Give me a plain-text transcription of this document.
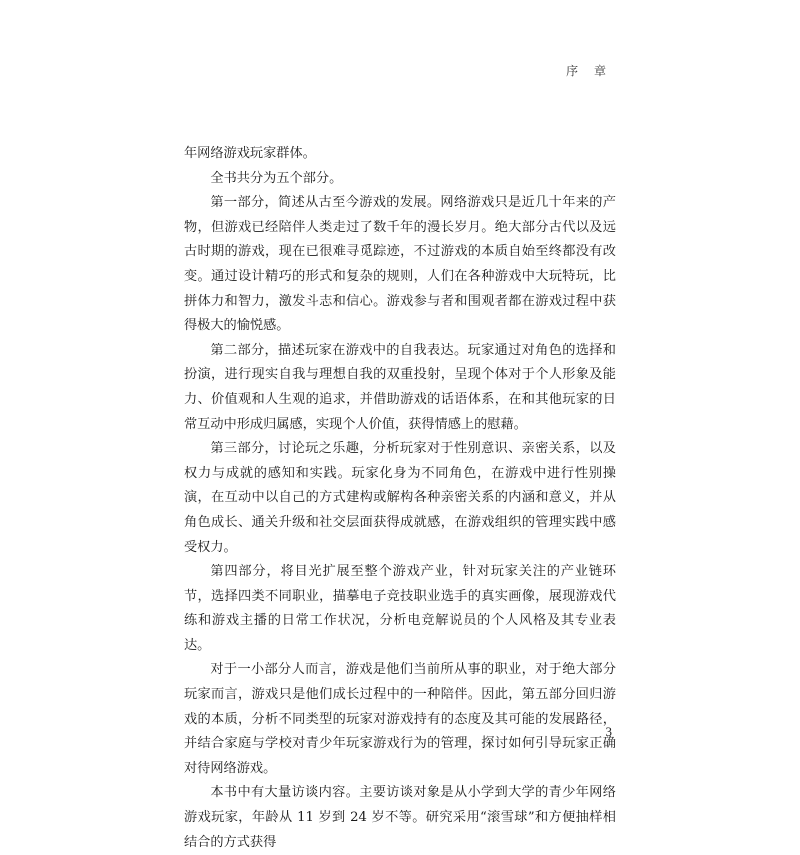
序 章

年网络游戏玩家群体。

全书共分为五个部分。

第一部分，简述从古至今游戏的发展。网络游戏只是近几十年来的产物，但游戏已经陪伴人类走过了数千年的漫长岁月。绝大部分古代以及远古时期的游戏，现在已很难寻觅踪迹，不过游戏的本质自始至终都没有改变。通过设计精巧的形式和复杂的规则，人们在各种游戏中大玩特玩，比拼体力和智力，激发斗志和信心。游戏参与者和围观者都在游戏过程中获得极大的愉悦感。

第二部分，描述玩家在游戏中的自我表达。玩家通过对角色的选择和扮演，进行现实自我与理想自我的双重投射，呈现个体对于个人形象及能力、价值观和人生观的追求，并借助游戏的话语体系，在和其他玩家的日常互动中形成归属感，实现个人价值，获得情感上的慰藉。

第三部分，讨论玩之乐趣，分析玩家对于性别意识、亲密关系，以及权力与成就的感知和实践。玩家化身为不同角色，在游戏中进行性别操演，在互动中以自己的方式建构或解构各种亲密关系的内涵和意义，并从角色成长、通关升级和社交层面获得成就感，在游戏组织的管理实践中感受权力。

第四部分，将目光扩展至整个游戏产业，针对玩家关注的产业链环节，选择四类不同职业，描摹电子竞技职业选手的真实画像，展现游戏代练和游戏主播的日常工作状况，分析电竞解说员的个人风格及其专业表达。

对于一小部分人而言，游戏是他们当前所从事的职业，对于绝大部分玩家而言，游戏只是他们成长过程中的一种陪伴。因此，第五部分回归游戏的本质，分析不同类型的玩家对游戏持有的态度及其可能的发展路径，并结合家庭与学校对青少年玩家游戏行为的管理，探讨如何引导玩家正确对待网络游戏。

本书中有大量访谈内容。主要访谈对象是从小学到大学的青少年网络游戏玩家，年龄从 11 岁到 24 岁不等。研究采用“滚雪球”和方便抽样相结合的方式获得

3
